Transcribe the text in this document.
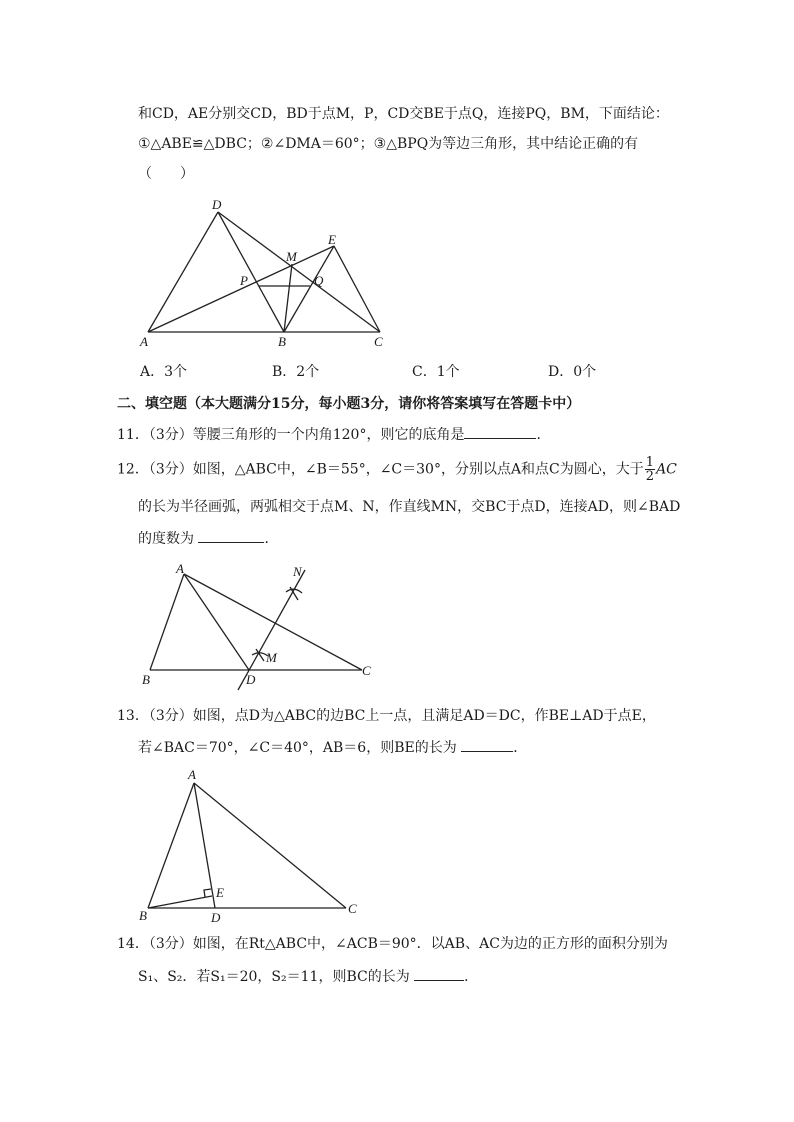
和CD，AE分别交CD，BD于点M，P，CD交BE于点Q，连接PQ，BM，下面结论：
①△ABE≌△DBC；②∠DMA＝60°；③△BPQ为等边三角形，其中结论正确的有
（　　）
D
M
E
P	Q
A	B	C
A．3个	B．2个	C．1个	D．0个
二、填空题（本大题满分15分，每小题3分，请你将答案填写在答题卡中）
11．（3分）等腰三角形的一个内角120°，则它的底角是	．
12．（3分）如图，△ABC中，∠B＝55°，∠C＝30°，分别以点A和点C为圆心，大于 $\frac{1}{2}$ AC
的长为半径画弧，两弧相交于点M、N，作直线MN，交BC于点D，连接AD，则∠BAD
的度数为	．
A	N
M
B	D
C
13．（3分）如图，点D为△ABC的边BC上一点，且满足AD＝DC，作BE⊥AD于点E，
若∠BAC＝70°，∠C＝40°，AB＝6，则BE的长为	．
A
E
B	D
C
14．（3分）如图，在Rt△ABC中，∠ACB＝90°．以AB、AC为边的正方形的面积分别为
S₁、S₂．若S₁＝20，S₂＝11，则BC的长为	．
